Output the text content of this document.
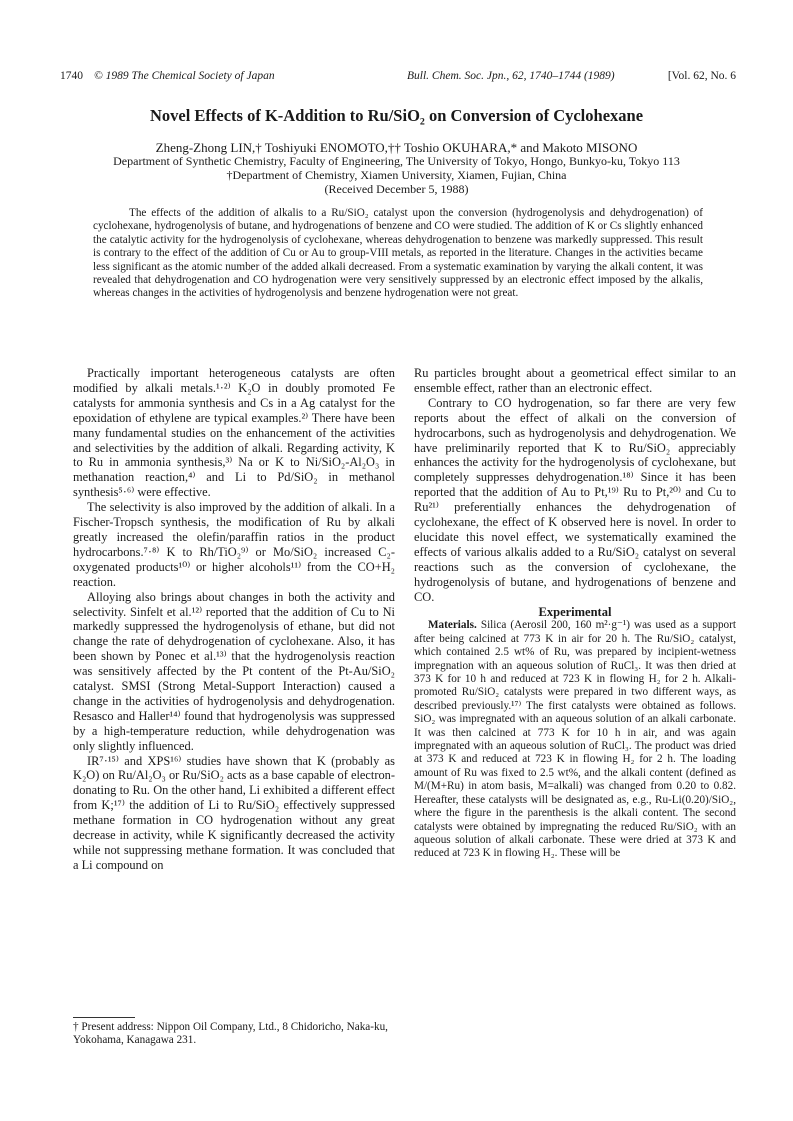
1740 © 1989 The Chemical Society of Japan	Bull. Chem. Soc. Jpn., 62, 1740–1744 (1989)	[Vol. 62, No. 6
Novel Effects of K-Addition to Ru/SiO₂ on Conversion of Cyclohexane
Zheng-Zhong LIN,† Toshiyuki ENOMOTO,†† Toshio OKUHARA,* and Makoto MISONO
Department of Synthetic Chemistry, Faculty of Engineering, The University of Tokyo, Hongo, Bunkyo-ku, Tokyo 113
†Department of Chemistry, Xiamen University, Xiamen, Fujian, China
(Received December 5, 1988)
The effects of the addition of alkalis to a Ru/SiO₂ catalyst upon the conversion (hydrogenolysis and dehydrogenation) of cyclohexane, hydrogenolysis of butane, and hydrogenations of benzene and CO were studied. The addition of K or Cs slightly enhanced the catalytic activity for the hydrogenolysis of cyclohexane, whereas dehydrogenation to benzene was markedly suppressed. This result is contrary to the effect of the addition of Cu or Au to group-VIII metals, as reported in the literature. Changes in the activities became less significant as the atomic number of the added alkali decreased. From a systematic examination by varying the alkali content, it was revealed that dehydrogenation and CO hydrogenation were very sensitively suppressed by an electronic effect imposed by the alkalis, whereas changes in the activities of hydrogenolysis and benzene hydrogenation were not great.

Practically important heterogeneous catalysts are often modified by alkali metals.¹·²⁾ K₂O in doubly promoted Fe catalysts for ammonia synthesis and Cs in a Ag catalyst for the epoxidation of ethylene are typical examples.²⁾ There have been many fundamental studies on the enhancement of the activities and selectivities by the addition of alkali. Regarding activity, K to Ru in ammonia synthesis,³⁾ Na or K to Ni/SiO₂-Al₂O₃ in methanation reaction,⁴⁾ and Li to Pd/SiO₂ in methanol synthesis⁵·⁶⁾ were effective.

The selectivity is also improved by the addition of alkali. In a Fischer-Tropsch synthesis, the modification of Ru by alkali greatly increased the olefin/paraffin ratios in the product hydrocarbons.⁷·⁸⁾ K to Rh/TiO₂⁹⁾ or Mo/SiO₂ increased C₂-oxygenated products¹⁰⁾ or higher alcohols¹¹⁾ from the CO+H₂ reaction.

Alloying also brings about changes in both the activity and selectivity. Sinfelt et al.¹²⁾ reported that the addition of Cu to Ni markedly suppressed the hydrogenolysis of ethane, but did not change the rate of dehydrogenation of cyclohexane. Also, it has been shown by Ponec et al.¹³⁾ that the hydrogenolysis reaction was sensitively affected by the Pt content of the Pt-Au/SiO₂ catalyst. SMSI (Strong Metal-Support Interaction) caused a change in the activities of hydrogenolysis and dehydrogenation. Resasco and Haller¹⁴⁾ found that hydrogenolysis was suppressed by a high-temperature reduction, while dehydrogenation was only slightly influenced.

IR⁷·¹⁵⁾ and XPS¹⁶⁾ studies have shown that K (probably as K₂O) on Ru/Al₂O₃ or Ru/SiO₂ acts as a base capable of electron-donating to Ru. On the other hand, Li exhibited a different effect from K;¹⁷⁾ the addition of Li to Ru/SiO₂ effectively suppressed methane formation in CO hydrogenation without any great decrease in activity, while K significantly decreased the activity while not suppressing methane formation. It was concluded that a Li compound on

Ru particles brought about a geometrical effect similar to an ensemble effect, rather than an electronic effect.

Contrary to CO hydrogenation, so far there are very few reports about the effect of alkali on the conversion of hydrocarbons, such as hydrogenolysis and dehydrogenation. We have preliminarily reported that K to Ru/SiO₂ appreciably enhances the activity for the hydrogenolysis of cyclohexane, but completely suppresses dehydrogenation.¹⁸⁾ Since it has been reported that the addition of Au to Pt,¹⁹⁾ Ru to Pt,²⁰⁾ and Cu to Ru²¹⁾ preferentially enhances the dehydrogenation of cyclohexane, the effect of K observed here is novel. In order to elucidate this novel effect, we systematically examined the effects of various alkalis added to a Ru/SiO₂ catalyst on several reactions such as the conversion of cyclohexane, the hydrogenolysis of butane, and hydrogenations of benzene and CO.

Experimental

Materials. Silica (Aerosil 200, 160 m²·g⁻¹) was used as a support after being calcined at 773 K in air for 20 h. The Ru/SiO₂ catalyst, which contained 2.5 wt% of Ru, was prepared by incipient-wetness impregnation with an aqueous solution of RuCl₃. It was then dried at 373 K for 10 h and reduced at 723 K in flowing H₂ for 2 h. Alkali-promoted Ru/SiO₂ catalysts were prepared in two different ways, as described previously.¹⁷⁾ The first catalysts were obtained as follows. SiO₂ was impregnated with an aqueous solution of an alkali carbonate. It was then calcined at 773 K for 10 h in air, and was again impregnated with an aqueous solution of RuCl₃. The product was dried at 373 K and reduced at 723 K in flowing H₂ for 2 h. The loading amount of Ru was fixed to 2.5 wt%, and the alkali content (defined as M/(M+Ru) in atom basis, M=alkali) was changed from 0.20 to 0.82. Hereafter, these catalysts will be designated as, e.g., Ru-Li(0.20)/SiO₂, where the figure in the parenthesis is the alkali content. The second catalysts were obtained by impregnating the reduced Ru/SiO₂ with an aqueous solution of alkali carbonate. These were dried at 373 K and reduced at 723 K in flowing H₂. These will be

† Present address: Nippon Oil Company, Ltd., 8 Chidoricho, Naka-ku, Yokohama, Kanagawa 231.
